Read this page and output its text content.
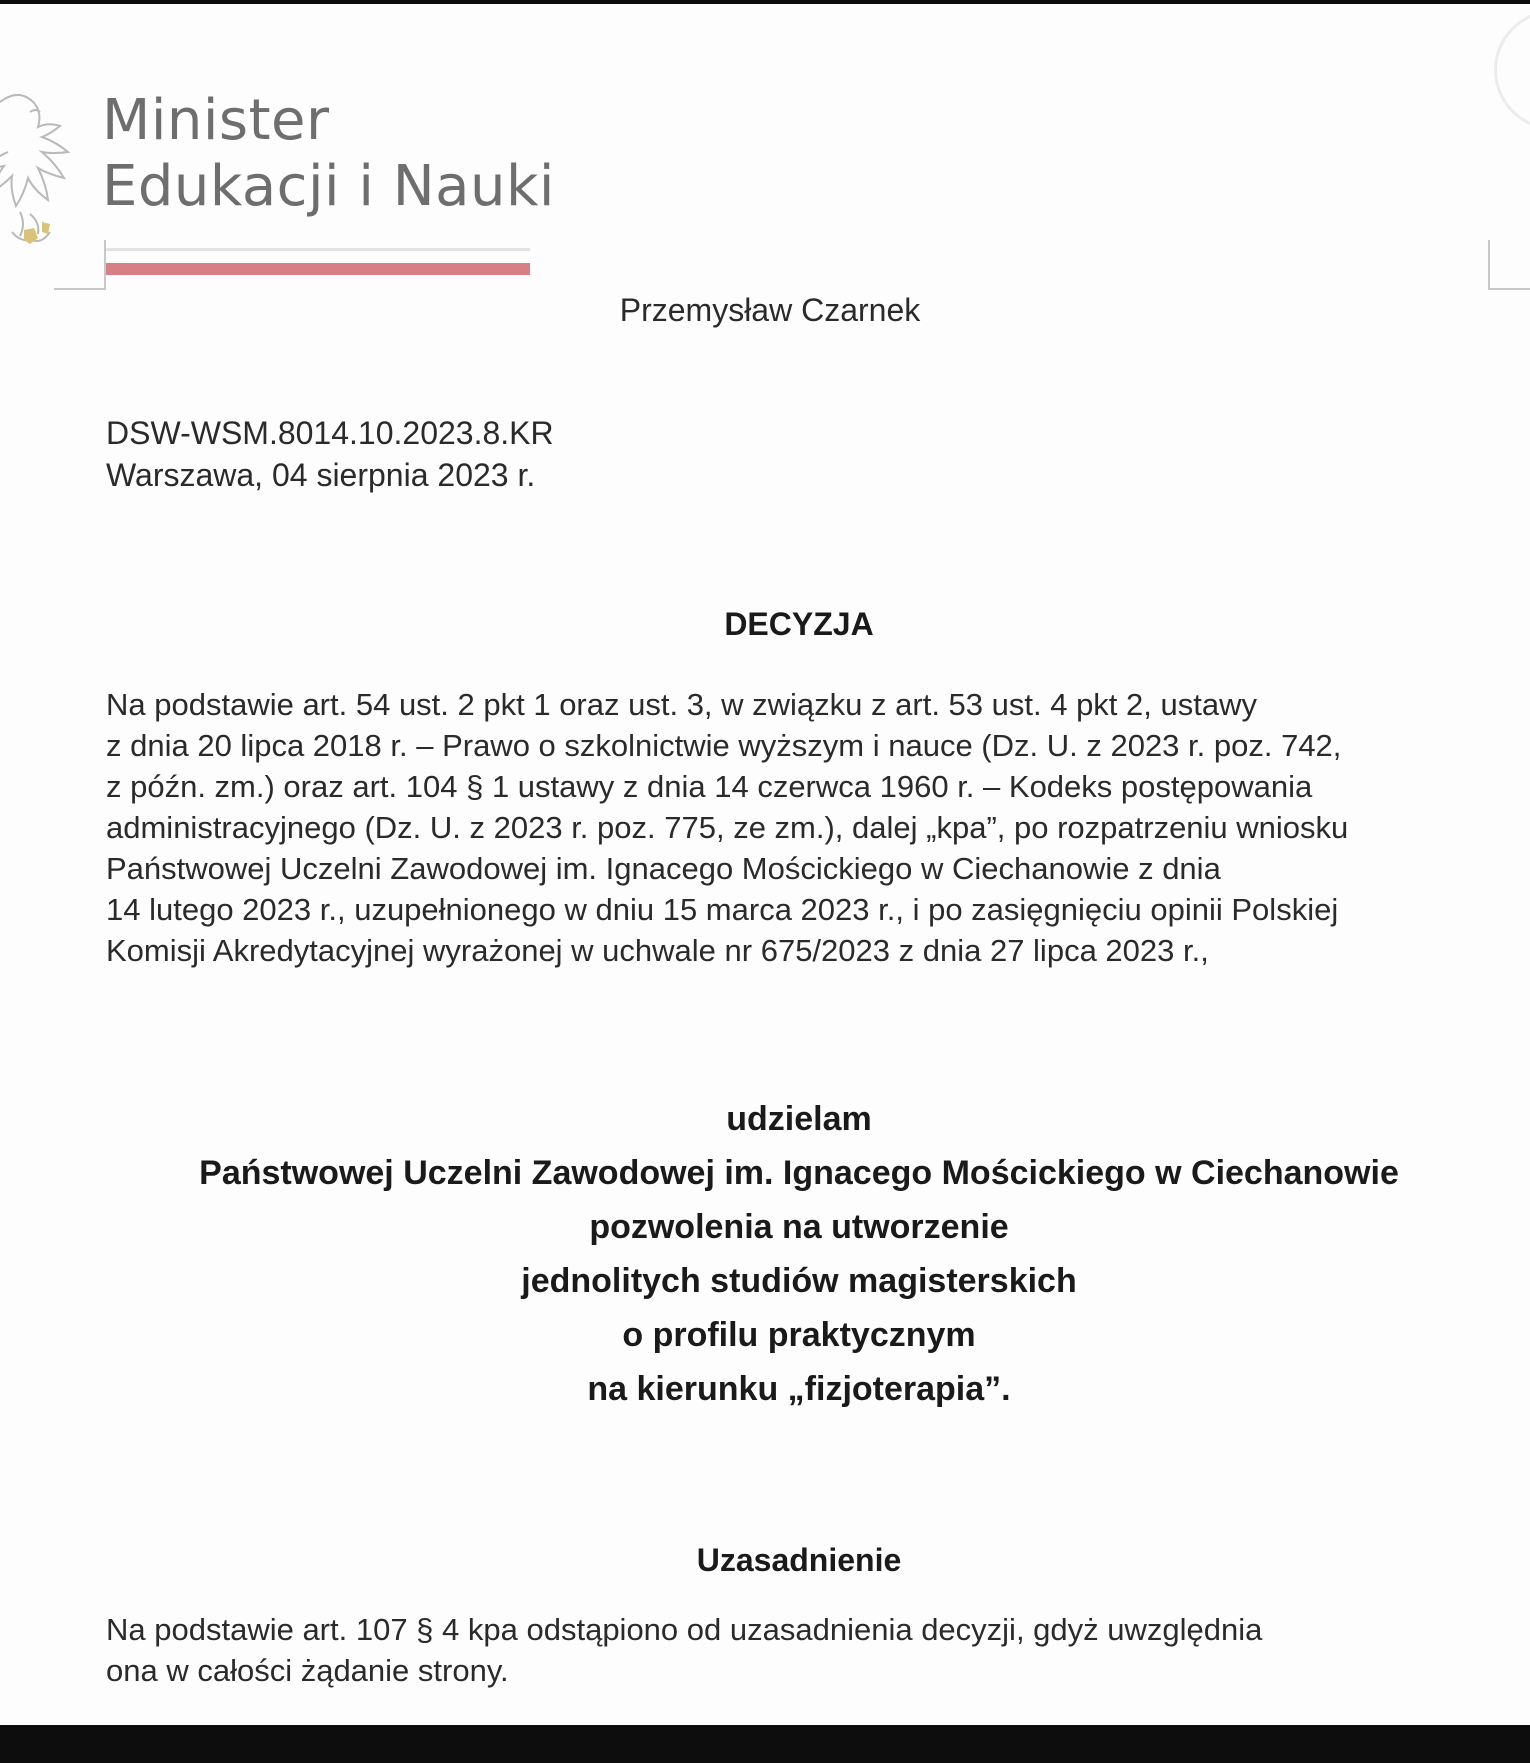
Minister
Edukacji i Nauki
Przemysław Czarnek
DSW-WSM.8014.10.2023.8.KR
Warszawa, 04 sierpnia 2023 r.
DECYZJA
Na podstawie art. 54 ust. 2 pkt 1 oraz ust. 3, w związku z art. 53 ust. 4 pkt 2, ustawy
z dnia 20 lipca 2018 r. – Prawo o szkolnictwie wyższym i nauce (Dz. U. z 2023 r. poz. 742,
z późn. zm.) oraz art. 104 § 1 ustawy z dnia 14 czerwca 1960 r. – Kodeks postępowania
administracyjnego (Dz. U. z 2023 r. poz. 775, ze zm.), dalej „kpa”, po rozpatrzeniu wniosku
Państwowej Uczelni Zawodowej im. Ignacego Mościckiego w Ciechanowie z dnia
14 lutego 2023 r., uzupełnionego w dniu 15 marca 2023 r., i po zasięgnięciu opinii Polskiej
Komisji Akredytacyjnej wyrażonej w uchwale nr 675/2023 z dnia 27 lipca 2023 r.,
udzielam
Państwowej Uczelni Zawodowej im. Ignacego Mościckiego w Ciechanowie
pozwolenia na utworzenie
jednolitych studiów magisterskich
o profilu praktycznym
na kierunku „fizjoterapia”.
Uzasadnienie
Na podstawie art. 107 § 4 kpa odstąpiono od uzasadnienia decyzji, gdyż uwzględnia
ona w całości żądanie strony.
